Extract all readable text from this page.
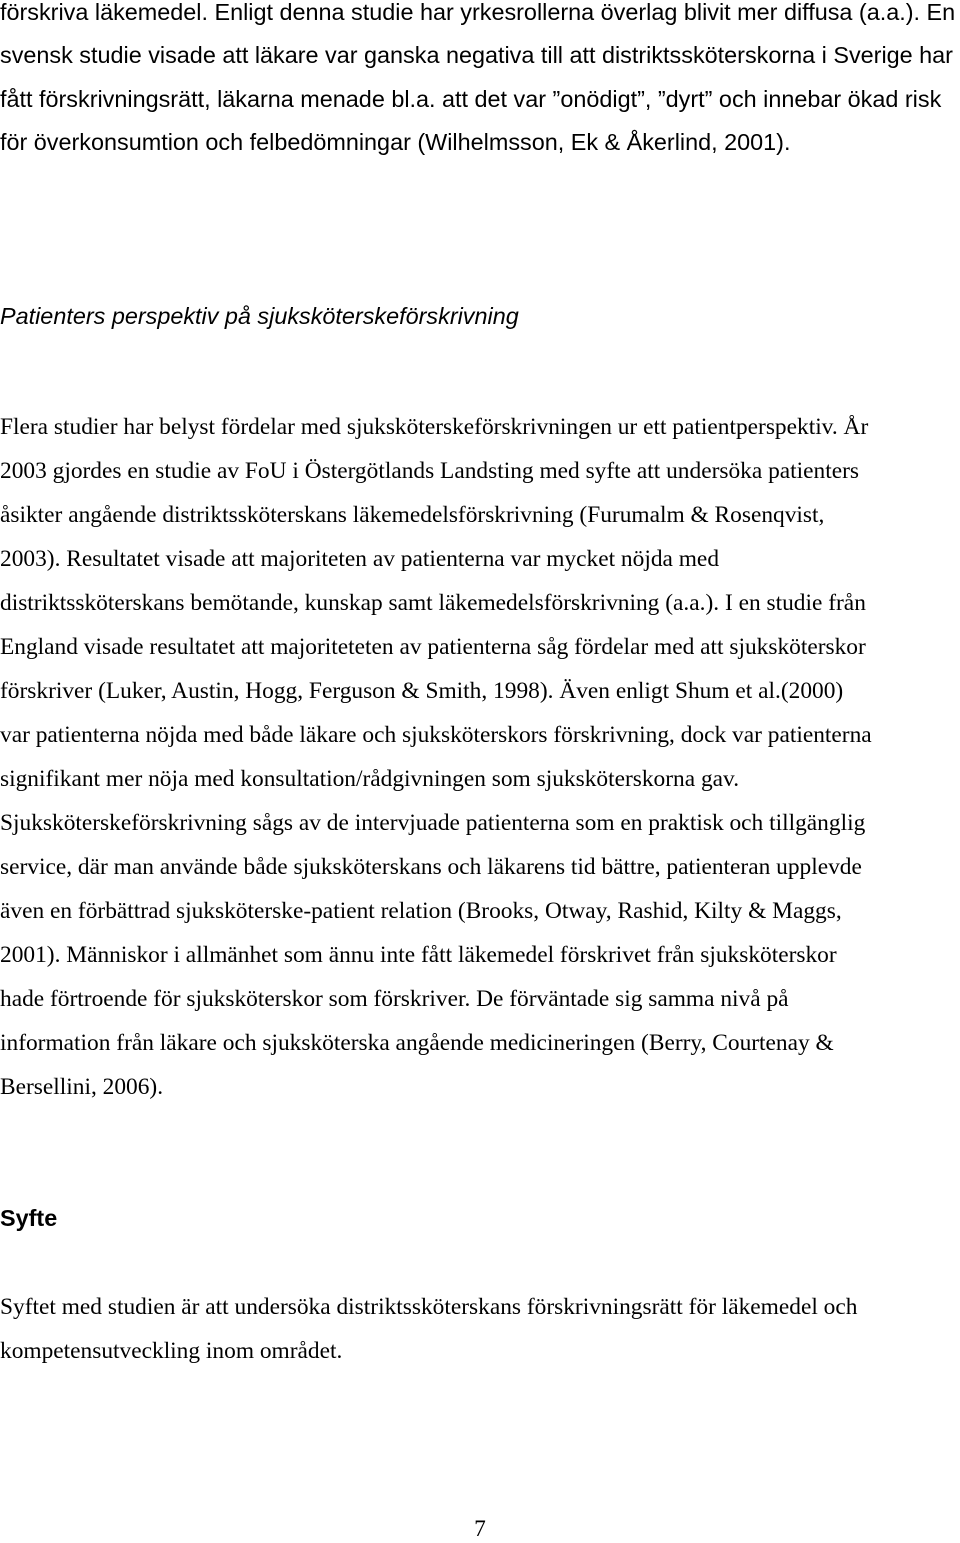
förskriva läkemedel. Enligt denna studie har yrkesrollerna överlag blivit mer diffusa (a.a.). En
svensk studie visade att läkare var ganska negativa till att distriktssköterskorna i Sverige har
fått förskrivningsrätt, läkarna menade bl.a. att det var ”onödigt”, ”dyrt” och innebar ökad risk
för överkonsumtion och felbedömningar (Wilhelmsson, Ek & Åkerlind, 2001).
Patienters perspektiv på sjuksköterskeförskrivning
Flera studier har belyst fördelar med sjuksköterskeförskrivningen ur ett patientperspektiv. År
2003 gjordes en studie av FoU i Östergötlands Landsting med syfte att undersöka patienters
åsikter angående distriktssköterskans läkemedelsförskrivning (Furumalm & Rosenqvist,
2003). Resultatet visade att majoriteten av patienterna var mycket nöjda med
distriktssköterskans bemötande, kunskap samt läkemedelsförskrivning (a.a.). I en studie från
England visade resultatet att majoriteteten av patienterna såg fördelar med att sjuksköterskor
förskriver (Luker, Austin, Hogg, Ferguson & Smith, 1998). Även enligt Shum et al.(2000)
var patienterna nöjda med både läkare och sjuksköterskors förskrivning, dock var patienterna
signifikant mer nöja med konsultation/rådgivningen som sjuksköterskorna gav.
Sjuksköterskeförskrivning sågs av de intervjuade patienterna som en praktisk och tillgänglig
service, där man använde både sjuksköterskans och läkarens tid bättre, patienteran upplevde
även en förbättrad sjuksköterske-patient relation (Brooks, Otway, Rashid, Kilty & Maggs,
2001). Människor i allmänhet som ännu inte fått läkemedel förskrivet från sjuksköterskor
hade förtroende för sjuksköterskor som förskriver. De förväntade sig samma nivå på
information från läkare och sjuksköterska angående medicineringen (Berry, Courtenay &
Bersellini, 2006).
Syfte
Syftet med studien är att undersöka distriktssköterskans förskrivningsrätt för läkemedel och
kompetensutveckling inom området.
7
